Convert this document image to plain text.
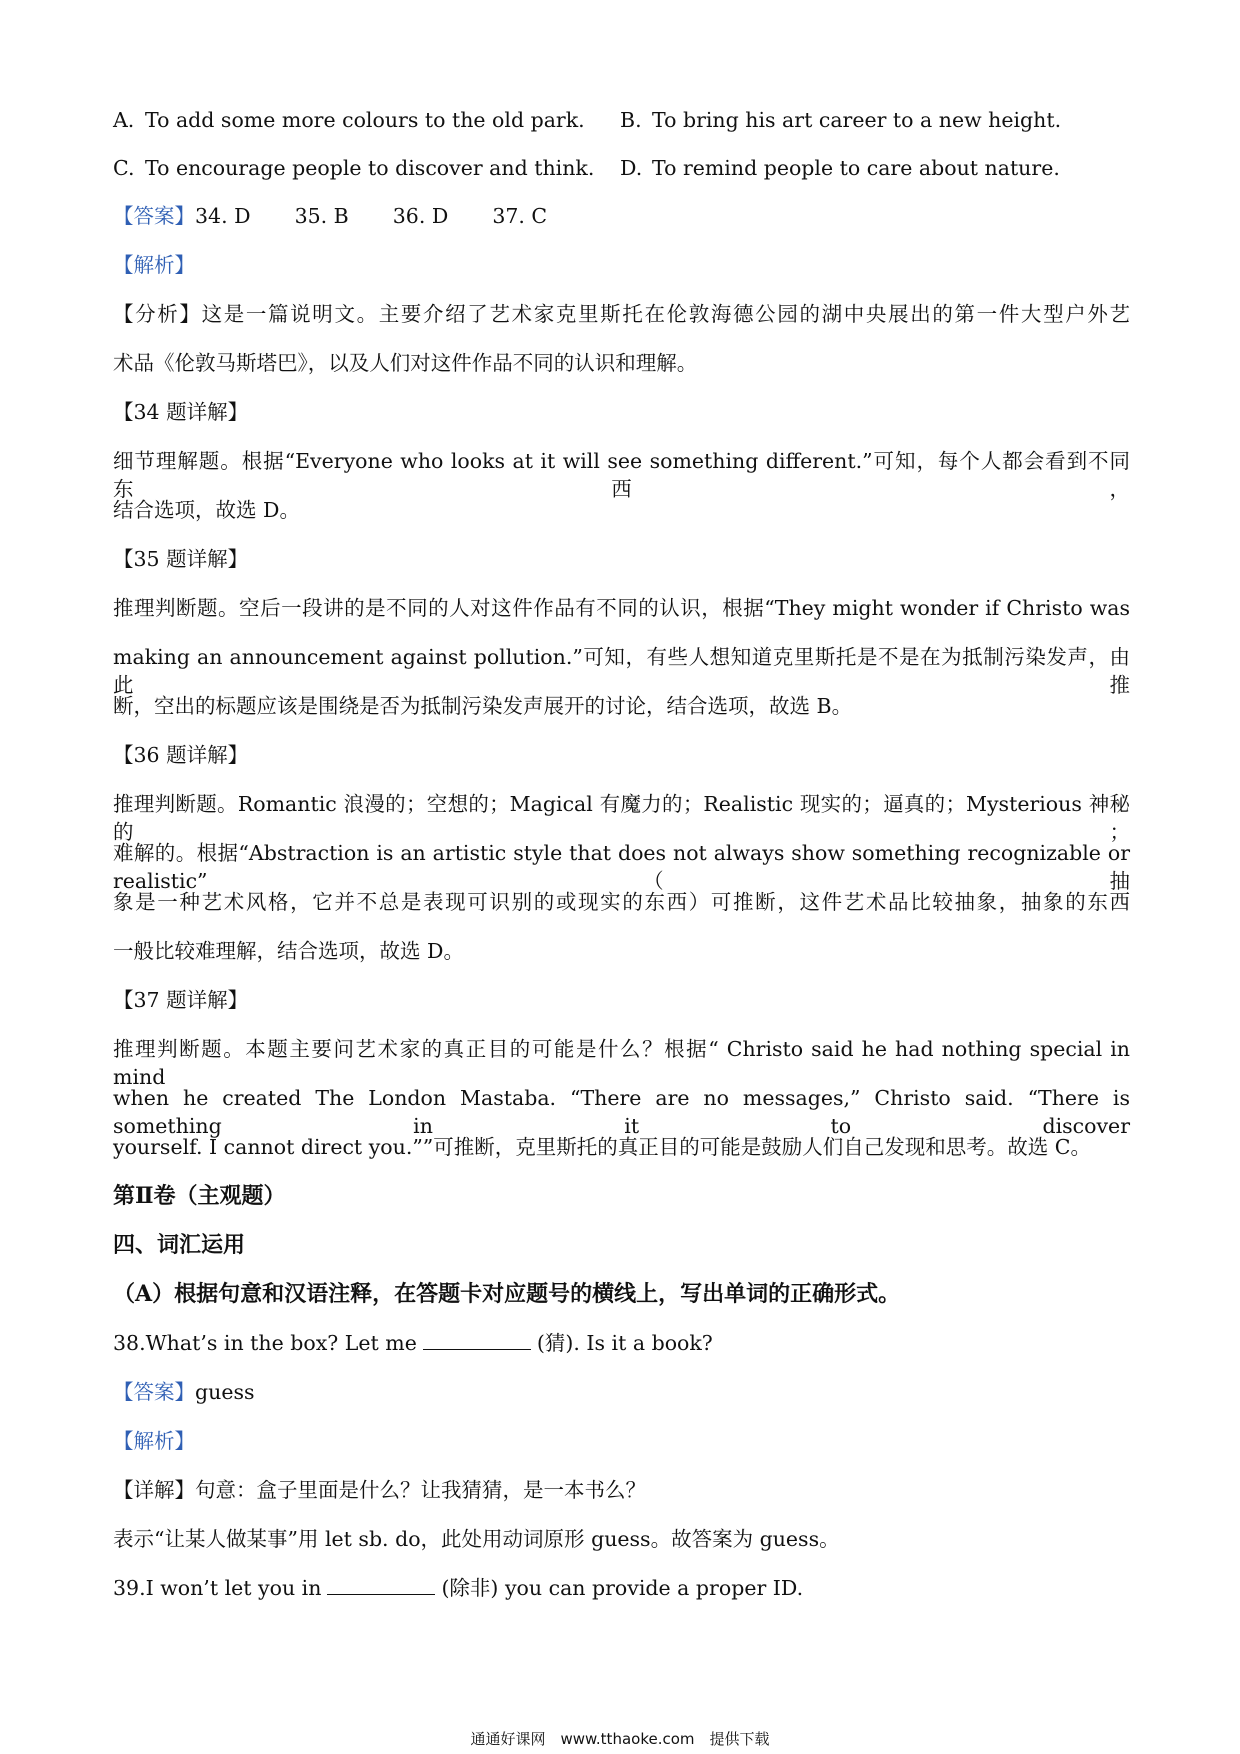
A. To add some more colours to the old park. B. To bring his art career to a new height.
C. To encourage people to discover and think. D. To remind people to care about nature.
【答案】34. D 35. B 36. D 37. C
【解析】
【分析】这是一篇说明文。主要介绍了艺术家克里斯托在伦敦海德公园的湖中央展出的第一件大型户外艺
术品《伦敦马斯塔巴》，以及人们对这件作品不同的认识和理解。
【34 题详解】
细节理解题。根据“Everyone who looks at it will see something different.”可知，每个人都会看到不同　东西，
结合选项，故选 D。
【35 题详解】
推理判断题。空后一段讲的是不同的人对这件作品有不同的认识，根据“They might wonder if Christo was
making an announcement against pollution.”可知，有些人想知道克里斯托是不是在为抵制污染发声，由此推
断，空出的标题应该是围绕是否为抵制污染发声展开的讨论，结合选项，故选 B。
【36 题详解】
推理判断题。Romantic 浪漫的；空想的；Magical 有魔力的；Realistic 现实的；逼真的；Mysterious 神秘的；
难解的。根据“Abstraction is an artistic style that does not always show something recognizable or realistic”（抽
象是一种艺术风格，它并不总是表现可识别的或现实的东西）可推断，这件艺术品比较抽象，抽象的东西
一般比较难理解，结合选项，故选 D。
【37 题详解】
推理判断题。本题主要问艺术家的真正目的可能是什么？根据“ Christo said he had nothing special in mind
when he created The London Mastaba. “There are no messages,” Christo said. “There is something in it to discover
yourself. I cannot direct you.””可推断，克里斯托的真正目的可能是鼓励人们自己发现和思考。故选 C。
第Ⅱ卷（主观题）
四、词汇运用
（A）根据句意和汉语注释，在答题卡对应题号的横线上，写出单词的正确形式。
38.What’s in the box? Let me	(猜). Is it a book?
【答案】guess
【解析】
【详解】句意：盒子里面是什么？让我猜猜，是一本书么？
表示“让某人做某事”用 let sb. do，此处用动词原形 guess。故答案为 guess。
39.I won’t let you in	(除非) you can provide a proper ID.
通通好课网　www.tthaoke.com　提供下载
